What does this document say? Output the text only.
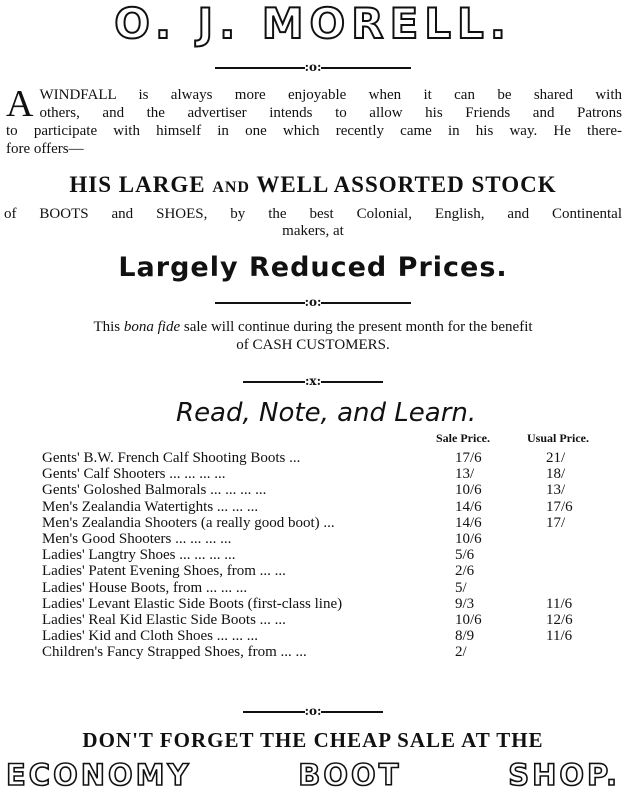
O. J. MORELL.
:o:
A WINDFALL is always more enjoyable when it can be shared with
others, and the advertiser intends to allow his Friends and Patrons
to participate with himself in one which recently came in his way. He there-
fore offers—
HIS LARGE AND WELL ASSORTED STOCK
of BOOTS and SHOES, by the best Colonial, English, and Continental
makers, at
Largely Reduced Prices.
:o:
This bona fide sale will continue during the present month for the benefit
of CASH CUSTOMERS.
:x:
Read, Note, and Learn.
Sale Price.	Usual Price.
Gents' B.W. French Calf Shooting Boots ...	17/6	21/
Gents' Calf Shooters ... ... ... ...	13/	18/
Gents' Goloshed Balmorals ... ... ... ...	10/6	13/
Men's Zealandia Watertights ... ... ...	14/6	17/6
Men's Zealandia Shooters (a really good boot) ...	14/6	17/
Men's Good Shooters ... ... ... ...	10/6
Ladies' Langtry Shoes ... ... ... ...	5/6
Ladies' Patent Evening Shoes, from ... ...	2/6
Ladies' House Boots, from ... ... ...	5/
Ladies' Levant Elastic Side Boots (first-class line)	9/3	11/6
Ladies' Real Kid Elastic Side Boots ... ...	10/6	12/6
Ladies' Kid and Cloth Shoes ... ... ...	8/9	11/6
Children's Fancy Strapped Shoes, from ... ...	2/
:o:
DON'T FORGET THE CHEAP SALE AT THE
ECONOMY	BOOT	SHOP.
